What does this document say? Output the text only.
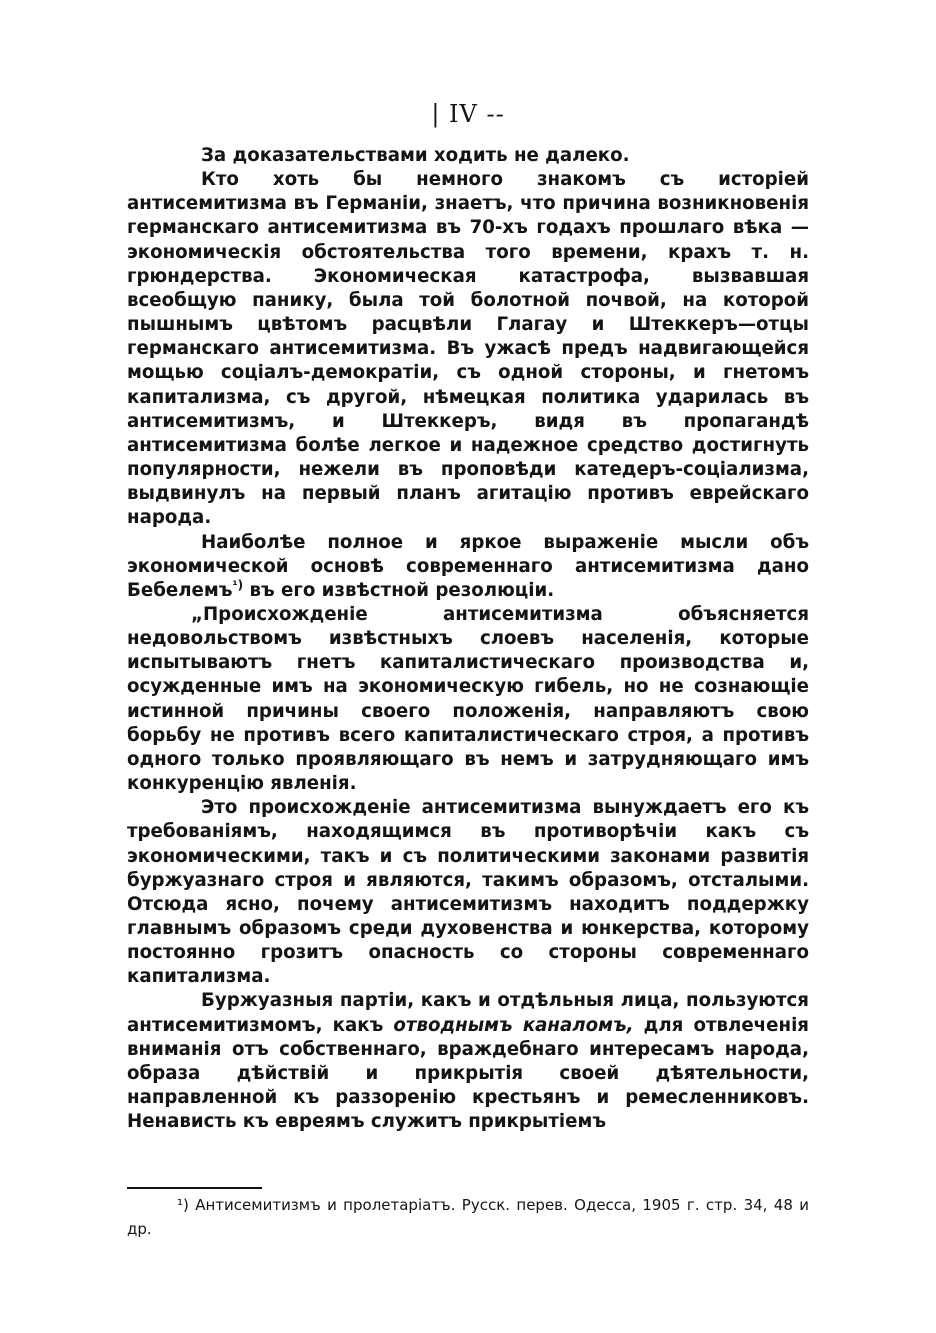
| IV --

За доказательствами ходить не далеко.

Кто хоть бы немного знакомъ съ исторіей антисемитизма въ Германіи, знаетъ, что причина возникновенія германскаго антисемитизма въ 70-хъ годахъ прошлаго вѣка —экономическія обстоятельства того времени, крахъ т. н. грюндерства. Экономическая катастрофа, вызвавшая всеобщую панику, была той болотной почвой, на которой пышнымъ цвѣтомъ расцвѣли Глагау и Штеккеръ—отцы германскаго антисемитизма. Въ ужасѣ предъ надвигающейся мощью соціалъ-демократіи, съ одной стороны, и гнетомъ капитализма, съ другой, нѣмецкая политика ударилась въ антисемитизмъ, и Штеккеръ, видя въ пропагандѣ антисемитизма болѣе легкое и надежное средство достигнуть популярности, нежели въ проповѣди катедеръ-соціализма, выдвинулъ на первый планъ агитацію противъ еврейскаго народа.

Наиболѣе полное и яркое выраженіе мысли объ экономической основѣ современнаго антисемитизма дано Бебелемъ$^{^1)}$ въ его извѣстной резолюціи.

„Происхожденіе антисемитизма объясняется недовольствомъ извѣстныхъ слоевъ населенія, которые испытываютъ гнетъ капиталистическаго производства и, осужденные имъ на экономическую гибель, но не сознающіе истинной причины своего положенія, направляютъ свою борьбу не противъ всего капиталистическаго строя, а противъ одного только проявляющаго въ немъ и затрудняющаго имъ конкуренцію явленія.

Это происхожденіе антисемитизма вынуждаетъ его къ требованіямъ, находящимся въ противорѣчіи какъ съ экономическими, такъ и съ политическими законами развитія буржуазнаго строя и являются, такимъ образомъ, отсталыми. Отсюда ясно, почему антисемитизмъ находитъ поддержку главнымъ образомъ среди духовенства и юнкерства, которому постоянно грозитъ опасность со стороны современнаго капитализма.

Буржуазныя партіи, какъ и отдѣльныя лица, пользуются антисемитизмомъ, какъ отводнымъ каналомъ, для отвлеченія вниманія отъ собственнаго, враждебнаго интересамъ народа, образа дѣйствій и прикрытія своей дѣятельности, направленной къ раззоренію крестьянъ и ремесленниковъ. Ненависть къ евреямъ служитъ прикрытіемъ

¹) Антисемитизмъ и пролетаріатъ. Русск. перев. Одесса, 1905 г. стр. 34, 48 и др.
